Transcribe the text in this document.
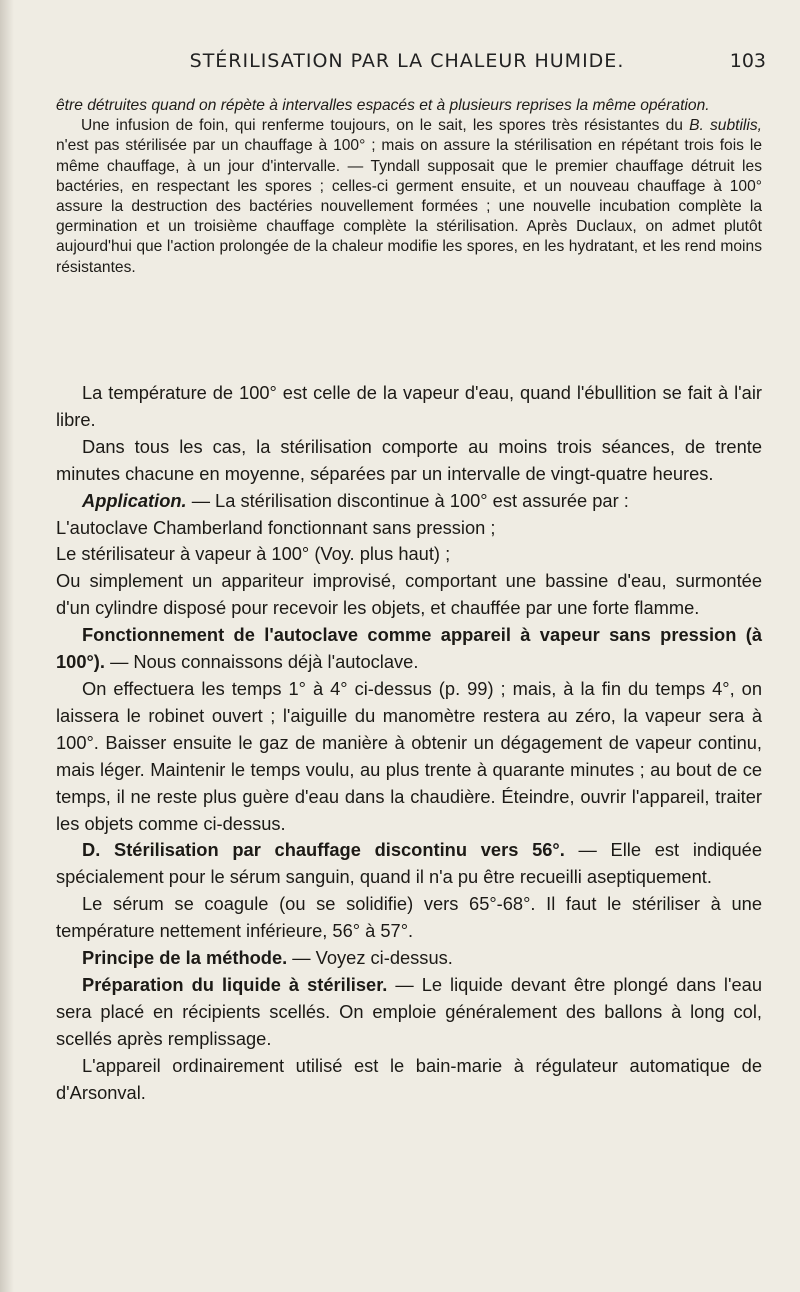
STÉRILISATION PAR LA CHALEUR HUMIDE.	103

être détruites quand on répète à intervalles espacés et à plusieurs reprises la même opération.

Une infusion de foin, qui renferme toujours, on le sait, les spores très résistantes du B. subtilis, n'est pas stérilisée par un chauffage à 100° ; mais on assure la stérilisation en répétant trois fois le même chauffage, à un jour d'intervalle. — Tyndall supposait que le premier chauffage détruit les bactéries, en respectant les spores ; celles-ci germent ensuite, et un nouveau chauffage à 100° assure la destruction des bactéries nouvellement formées ; une nouvelle incubation complète la germination et un troisième chauffage complète la stérilisation. Après Duclaux, on admet plutôt aujourd'hui que l'action prolongée de la chaleur modifie les spores, en les hydratant, et les rend moins résistantes.

La température de 100° est celle de la vapeur d'eau, quand l'ébullition se fait à l'air libre.

Dans tous les cas, la stérilisation comporte au moins trois séances, de trente minutes chacune en moyenne, séparées par un intervalle de vingt-quatre heures.

Application. — La stérilisation discontinue à 100° est assurée par :

L'autoclave Chamberland fonctionnant sans pression ;

Le stérilisateur à vapeur à 100° (Voy. plus haut) ;

Ou simplement un appariteur improvisé, comportant une bassine d'eau, surmontée d'un cylindre disposé pour recevoir les objets, et chauffée par une forte flamme.

Fonctionnement de l'autoclave comme appareil à vapeur sans pression (à 100°). — Nous connaissons déjà l'autoclave.

On effectuera les temps 1° à 4° ci-dessus (p. 99) ; mais, à la fin du temps 4°, on laissera le robinet ouvert ; l'aiguille du manomètre restera au zéro, la vapeur sera à 100°. Baisser ensuite le gaz de manière à obtenir un dégagement de vapeur continu, mais léger. Maintenir le temps voulu, au plus trente à quarante minutes ; au bout de ce temps, il ne reste plus guère d'eau dans la chaudière. Éteindre, ouvrir l'appareil, traiter les objets comme ci-dessus.

D. Stérilisation par chauffage discontinu vers 56°. — Elle est indiquée spécialement pour le sérum sanguin, quand il n'a pu être recueilli aseptiquement.

Le sérum se coagule (ou se solidifie) vers 65°-68°. Il faut le stériliser à une température nettement inférieure, 56° à 57°.

Principe de la méthode. — Voyez ci-dessus.

Préparation du liquide à stériliser. — Le liquide devant être plongé dans l'eau sera placé en récipients scellés. On emploie généralement des ballons à long col, scellés après remplissage.

L'appareil ordinairement utilisé est le bain-marie à régulateur automatique de d'Arsonval.
